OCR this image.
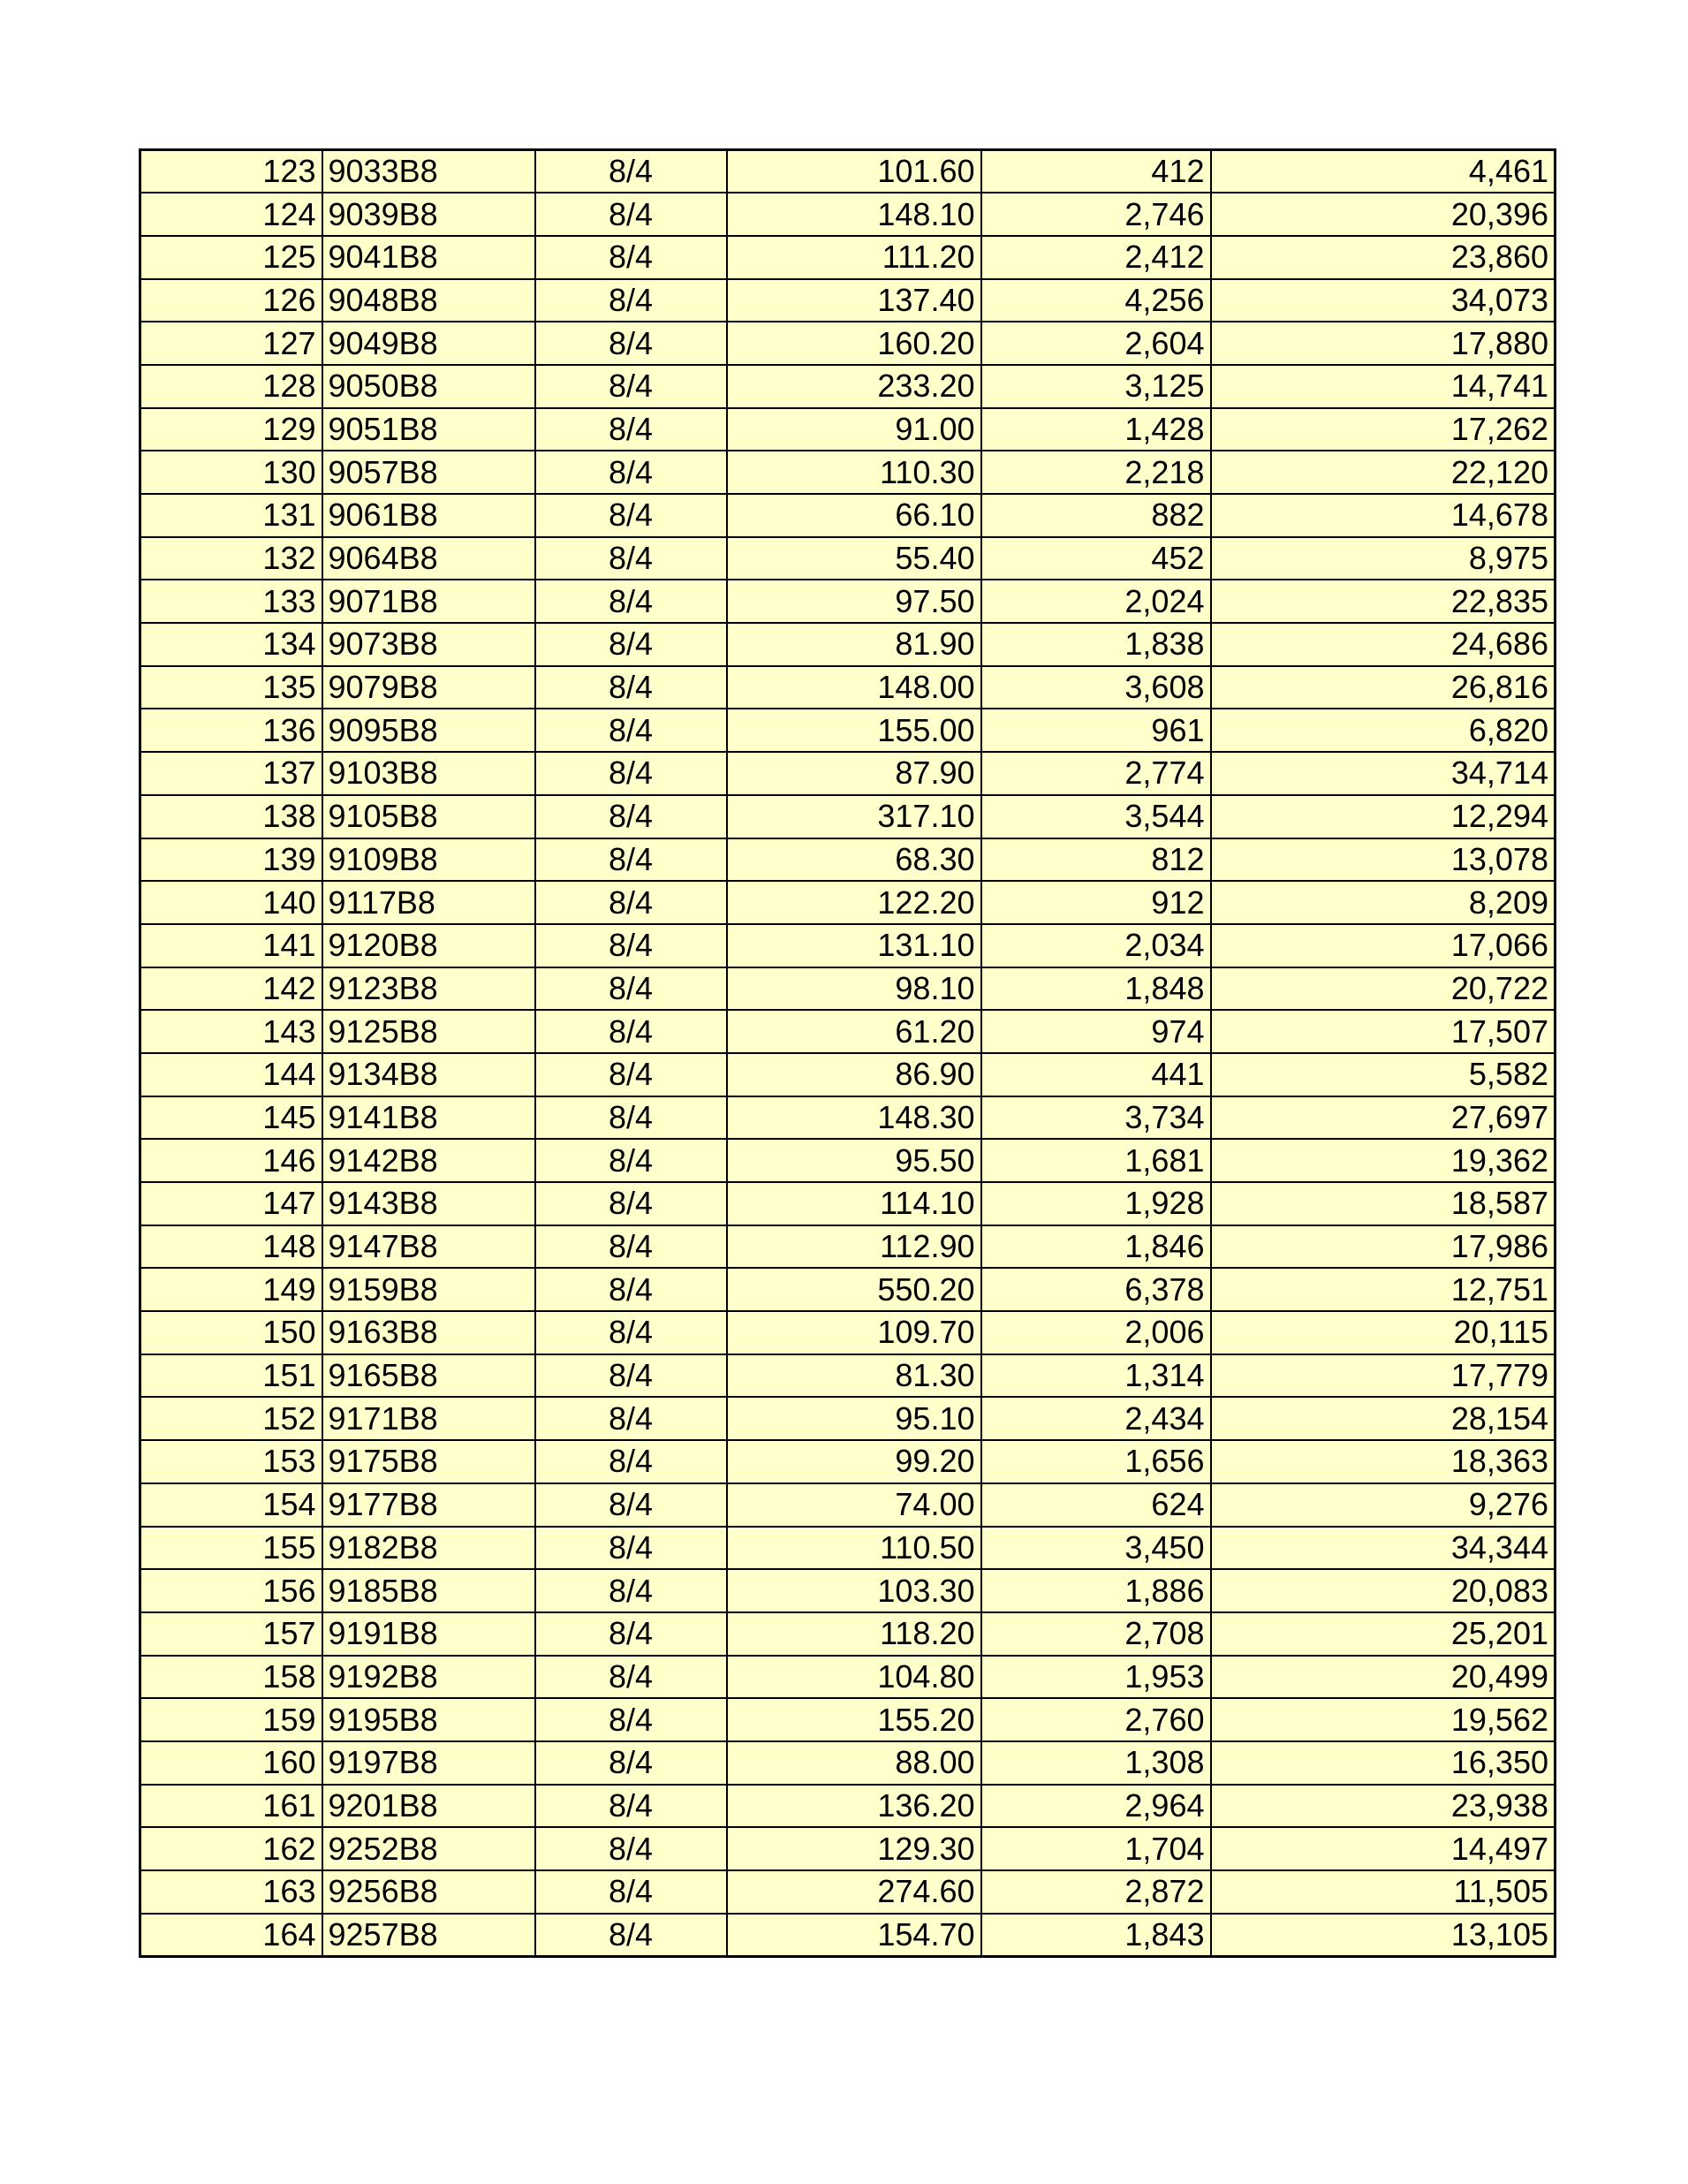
123	9033B8	8/4	101.60	412	4,461
124	9039B8	8/4	148.10	2,746	20,396
125	9041B8	8/4	111.20	2,412	23,860
126	9048B8	8/4	137.40	4,256	34,073
127	9049B8	8/4	160.20	2,604	17,880
128	9050B8	8/4	233.20	3,125	14,741
129	9051B8	8/4	91.00	1,428	17,262
130	9057B8	8/4	110.30	2,218	22,120
131	9061B8	8/4	66.10	882	14,678
132	9064B8	8/4	55.40	452	8,975
133	9071B8	8/4	97.50	2,024	22,835
134	9073B8	8/4	81.90	1,838	24,686
135	9079B8	8/4	148.00	3,608	26,816
136	9095B8	8/4	155.00	961	6,820
137	9103B8	8/4	87.90	2,774	34,714
138	9105B8	8/4	317.10	3,544	12,294
139	9109B8	8/4	68.30	812	13,078
140	9117B8	8/4	122.20	912	8,209
141	9120B8	8/4	131.10	2,034	17,066
142	9123B8	8/4	98.10	1,848	20,722
143	9125B8	8/4	61.20	974	17,507
144	9134B8	8/4	86.90	441	5,582
145	9141B8	8/4	148.30	3,734	27,697
146	9142B8	8/4	95.50	1,681	19,362
147	9143B8	8/4	114.10	1,928	18,587
148	9147B8	8/4	112.90	1,846	17,986
149	9159B8	8/4	550.20	6,378	12,751
150	9163B8	8/4	109.70	2,006	20,115
151	9165B8	8/4	81.30	1,314	17,779
152	9171B8	8/4	95.10	2,434	28,154
153	9175B8	8/4	99.20	1,656	18,363
154	9177B8	8/4	74.00	624	9,276
155	9182B8	8/4	110.50	3,450	34,344
156	9185B8	8/4	103.30	1,886	20,083
157	9191B8	8/4	118.20	2,708	25,201
158	9192B8	8/4	104.80	1,953	20,499
159	9195B8	8/4	155.20	2,760	19,562
160	9197B8	8/4	88.00	1,308	16,350
161	9201B8	8/4	136.20	2,964	23,938
162	9252B8	8/4	129.30	1,704	14,497
163	9256B8	8/4	274.60	2,872	11,505
164	9257B8	8/4	154.70	1,843	13,105
